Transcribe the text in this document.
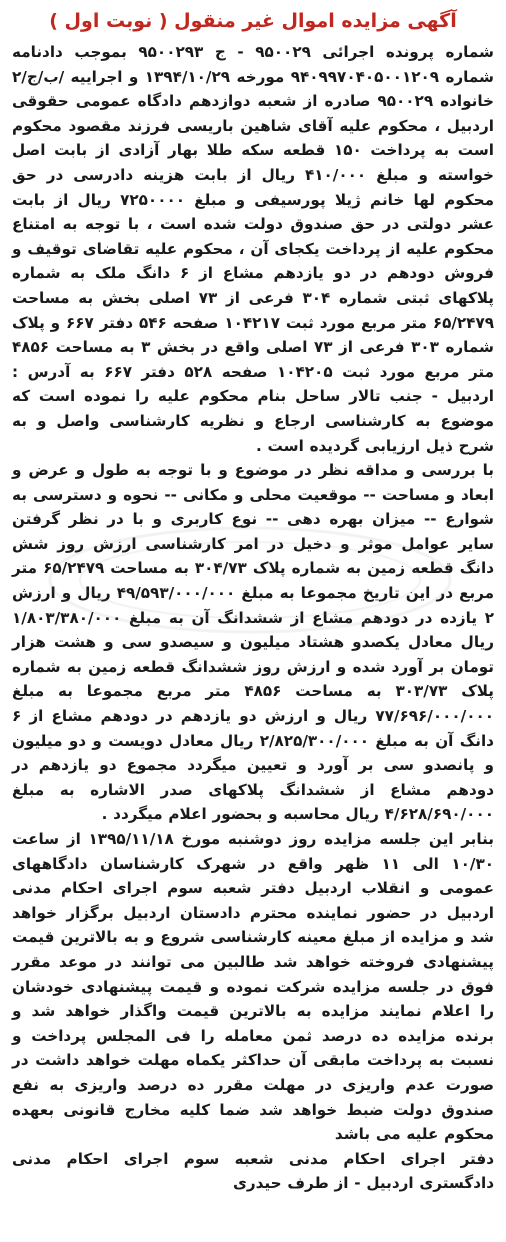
آگهی مزایده اموال غیر منقول ( نوبت اول )

شماره پرونده اجرائی ۹۵۰۰۲۹ - ج ۹۵۰۰۲۹۳ بموجب دادنامه شماره ۹۴۰۹۹۷۰۴۰۵۰۰۱۲۰۹ مورخه ۱۳۹۴/۱۰/۲۹ و اجراییه /ب/ج/۲ خانواده ۹۵۰۰۲۹ صادره از شعبه دوازدهم دادگاه عمومی حقوقی اردبیل ، محکوم علیه آقای شاهین باریسی فرزند مقصود محکوم است به پرداخت ۱۵۰ قطعه سکه طلا بهار آزادی از بابت اصل خواسته و مبلغ ۴۱۰/۰۰۰ ریال از بابت هزینه دادرسی در حق محکوم لها خانم ژیلا پورسیفی و مبلغ ۷۲۵۰۰۰۰ ریال از بابت عشر دولتی در حق صندوق دولت شده است ، با توجه به امتناع محکوم علیه از پرداخت یکجای آن ، محکوم علیه تقاضای توقیف و فروش دودهم در دو یازدهم مشاع از ۶ دانگ ملک به شماره پلاکهای ثبتی شماره ۳۰۴ فرعی از ۷۳ اصلی بخش به مساحت ۶۵/۲۴۷۹ متر مربع مورد ثبت ۱۰۴۲۱۷ صفحه ۵۴۶ دفتر ۶۶۷ و پلاک شماره ۳۰۳ فرعی از ۷۳ اصلی واقع در بخش ۳ به مساحت ۴۸۵۶ متر مربع مورد ثبت ۱۰۴۲۰۵ صفحه ۵۲۸ دفتر ۶۶۷ به آدرس : اردبیل - جنب تالار ساحل بنام محکوم علیه را نموده است که موضوع به کارشناسی ارجاع و نظریه کارشناسی واصل و به شرح ذیل ارزیابی گردیده است .

با بررسی و مداقه نظر در موضوع و با توجه به طول و عرض و ابعاد و مساحت -- موقعیت محلی و مکانی -- نحوه و دسترسی به شوارع -- میزان بهره دهی -- نوع کاربری و با در نظر گرفتن سایر عوامل موثر و دخیل در امر کارشناسی ارزش روز شش دانگ قطعه زمین به شماره پلاک ۳۰۴/۷۳ به مساحت ۶۵/۲۴۷۹ متر مربع در این تاریخ مجموعا به مبلغ ۴۹/۵۹۳/۰۰۰/۰۰۰ ریال و ارزش ۲ یازده در دودهم مشاع از ششدانگ آن به مبلغ ۱/۸۰۳/۳۸۰/۰۰۰ ریال معادل یکصدو هشتاد میلیون و سیصدو سی و هشت هزار تومان بر آورد شده و ارزش روز ششدانگ قطعه زمین به شماره پلاک ۳۰۳/۷۳ به مساحت ۴۸۵۶ متر مربع مجموعا به مبلغ ۷۷/۶۹۶/۰۰۰/۰۰۰ ریال و ارزش دو یازدهم در دودهم مشاع از ۶ دانگ آن به مبلغ ۲/۸۲۵/۳۰۰/۰۰۰ ریال معادل دویست و دو میلیون و پانصدو سی بر آورد و تعیین میگردد مجموع دو یازدهم در دودهم مشاع از ششدانگ پلاکهای صدر الاشاره به مبلغ ۴/۶۲۸/۶۹۰/۰۰۰ ریال محاسبه و بحضور اعلام میگردد .

بنابر این جلسه مزایده روز دوشنبه مورخ ۱۳۹۵/۱۱/۱۸ از ساعت ۱۰/۳۰ الی ۱۱ ظهر واقع در شهرک کارشناسان دادگاههای عمومی و انقلاب اردبیل دفتر شعبه سوم اجرای احکام مدنی اردبیل در حضور نماینده محترم دادستان اردبیل برگزار خواهد شد و مزایده از مبلغ معینه کارشناسی شروع و به بالاترین قیمت پیشنهادی فروخته خواهد شد طالبین می توانند در موعد مقرر فوق در جلسه مزایده شرکت نموده و قیمت پیشنهادی خودشان را اعلام نمایند مزایده به بالاترین قیمت واگذار خواهد شد و برنده مزایده ده درصد ثمن معامله را فی المجلس پرداخت و نسبت به پرداخت مابقی آن حداکثر یکماه مهلت خواهد داشت در صورت عدم واریزی در مهلت مقرر ده درصد واریزی به نفع صندوق دولت ضبط خواهد شد ضما کلیه مخارج قانونی بعهده محکوم علیه می باشد

دفتر اجرای احکام مدنی شعبه سوم اجرای احکام مدنی دادگستری اردبیل - از طرف حیدری
